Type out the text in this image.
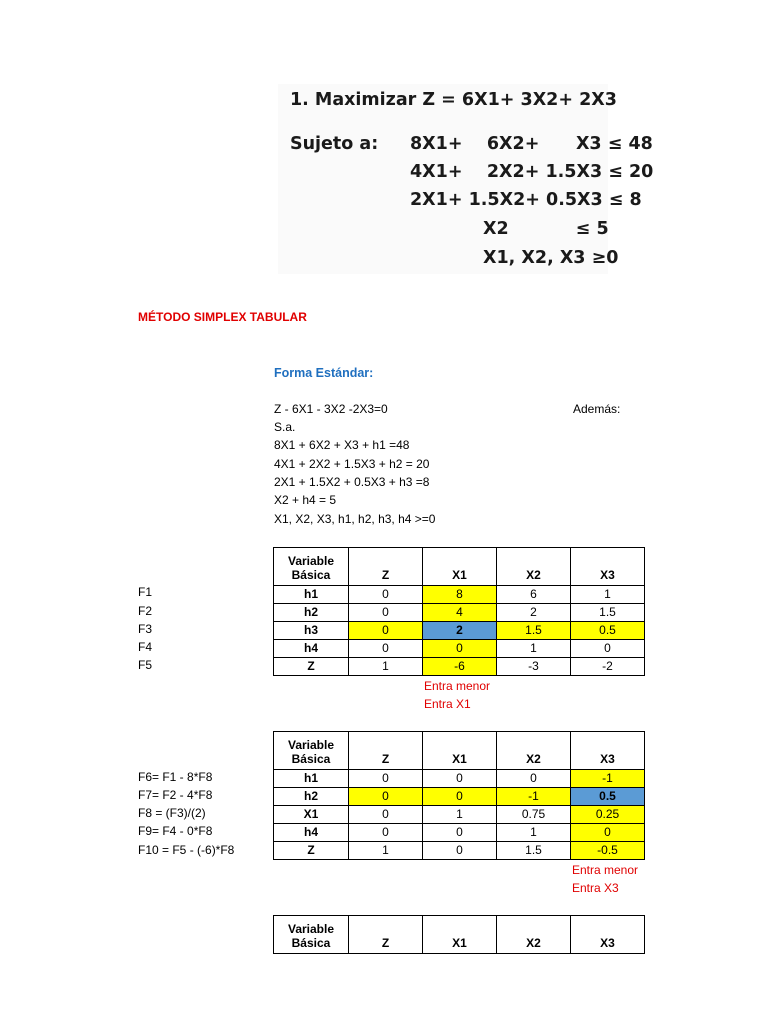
1. Maximizar Z = 6X1+ 3X2+ 2X3
Sujeto a: 8X1+    6X2+      X3 ≤ 48
4X1+    2X2+ 1.5X3 ≤ 20
2X1+ 1.5X2+ 0.5X3 ≤ 8
X2           ≤ 5
X1, X2, X3 ≥0
MÉTODO SIMPLEX TABULAR
Forma Estándar:
Z - 6X1 - 3X2 -2X3=0
S.a.
8X1 + 6X2 + X3 + h1 =48
4X1 + 2X2 + 1.5X3 + h2 = 20
2X1 + 1.5X2 + 0.5X3 + h3 =8
X2 + h4 = 5
X1, X2, X3, h1, h2, h3, h4 >=0
Además:
F1
F2
F3
F4
F5
Variable
Básica	Z	X1	X2	X3
h1	0	8	6	1
h2	0	4	2	1.5
h3	0	2	1.5	0.5
h4	0	0	1	0
Z	1	-6	-3	-2
Entra menor
Entra X1
F6= F1 - 8*F8
F7= F2 - 4*F8
F8 = (F3)/(2)
F9= F4 - 0*F8
F10 = F5 - (-6)*F8
Variable
Básica	Z	X1	X2	X3
h1	0	0	0	-1
h2	0	0	-1	0.5
X1	0	1	0.75	0.25
h4	0	0	1	0
Z	1	0	1.5	-0.5
Entra menor
Entra X3
Variable
Básica	Z	X1	X2	X3
